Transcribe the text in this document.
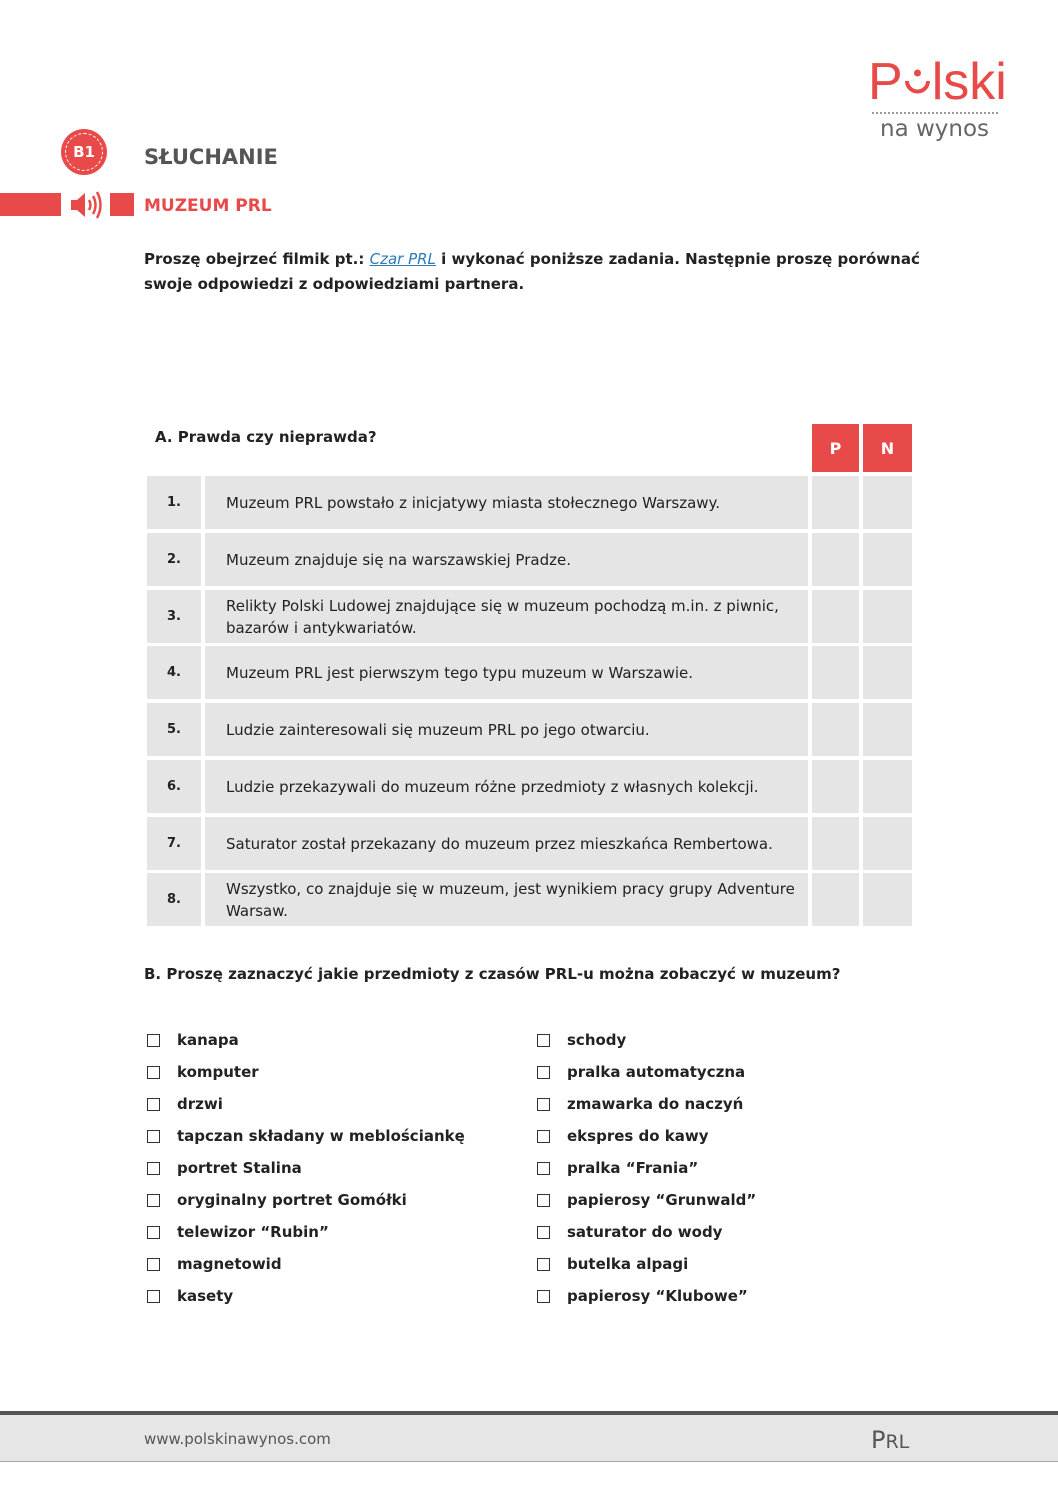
P lski
na wynos
B1	SŁUCHANIE
MUZEUM PRL
Proszę obejrzeć filmik pt.: Czar PRL i wykonać poniższe zadania. Następnie proszę porównać swoje odpowiedzi z odpowiedziami partnera.
A. Prawda czy nieprawda?
P	N
1.	Muzeum PRL powstało z inicjatywy miasta stołecznego Warszawy.
2.	Muzeum znajduje się na warszawskiej Pradze.
3.
Relikty Polski Ludowej znajdujące się w muzeum pochodzą m.in. z piwnic, bazarów i antykwariatów.
4.	Muzeum PRL jest pierwszym tego typu muzeum w Warszawie.
5.	Ludzie zainteresowali się muzeum PRL po jego otwarciu.
6.	Ludzie przekazywali do muzeum różne przedmioty z własnych kolekcji.
7.	Saturator został przekazany do muzeum przez mieszkańca Rembertowa.
8.
Wszystko, co znajduje się w muzeum, jest wynikiem pracy grupy Adventure Warsaw.
B. Proszę zaznaczyć jakie przedmioty z czasów PRL-u można zobaczyć w muzeum?
kanapa
komputer
drzwi
tapczan składany w meblościankę
portret Stalina
oryginalny portret Gomółki
telewizor “Rubin”
magnetowid
kasety
schody
pralka automatyczna
zmawarka do naczyń
ekspres do kawy
pralka “Frania”
papierosy “Grunwald”
saturator do wody
butelka alpagi
papierosy “Klubowe”
www.polskinawynos.com	PRL
